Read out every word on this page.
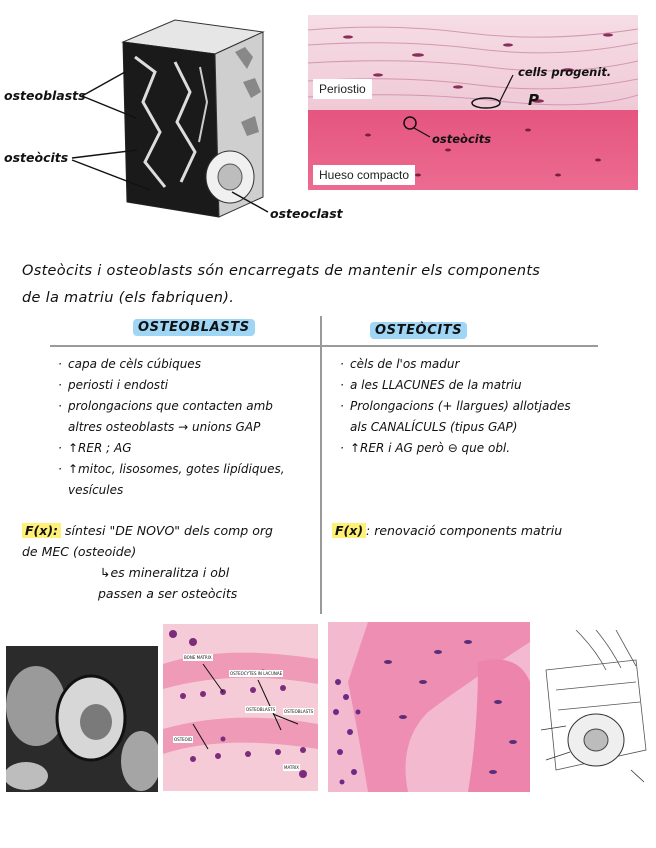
osteoblasts
osteòcits
osteoclast
Periostio
Hueso compacto
cells progenit.
osteòcits
P
Osteòcits i osteoblasts són encarregats de mantenir els components
de la matriu (els fabriquen).
OSTEOBLASTS	OSTEÒCITS
· capa de cèls cúbiques
· periosti i endosti
· prolongacions que contacten amb
altres osteoblasts → unions GAP
· ↑RER ; AG
· ↑mitoc, lisosomes, gotes lipídiques,
vesícules
· cèls de l'os madur
· a les LLACUNES de la matriu
· Prolongacions (+ llargues) allotjades
als CANALÍCULS (tipus GAP)
· ↑RER i AG però ⊖ que obl.
F(x): síntesi "DE NOVO" dels comp org
de MEC (osteoide)
↳es mineralitza i obl
passen a ser osteòcits
F(x) : renovació components matriu
OSTEOCYTES IN LACUNAE
OSTEOBLASTS
OSTEOID
OSTEOBLASTS
BONE MATRIX
MATRIX
